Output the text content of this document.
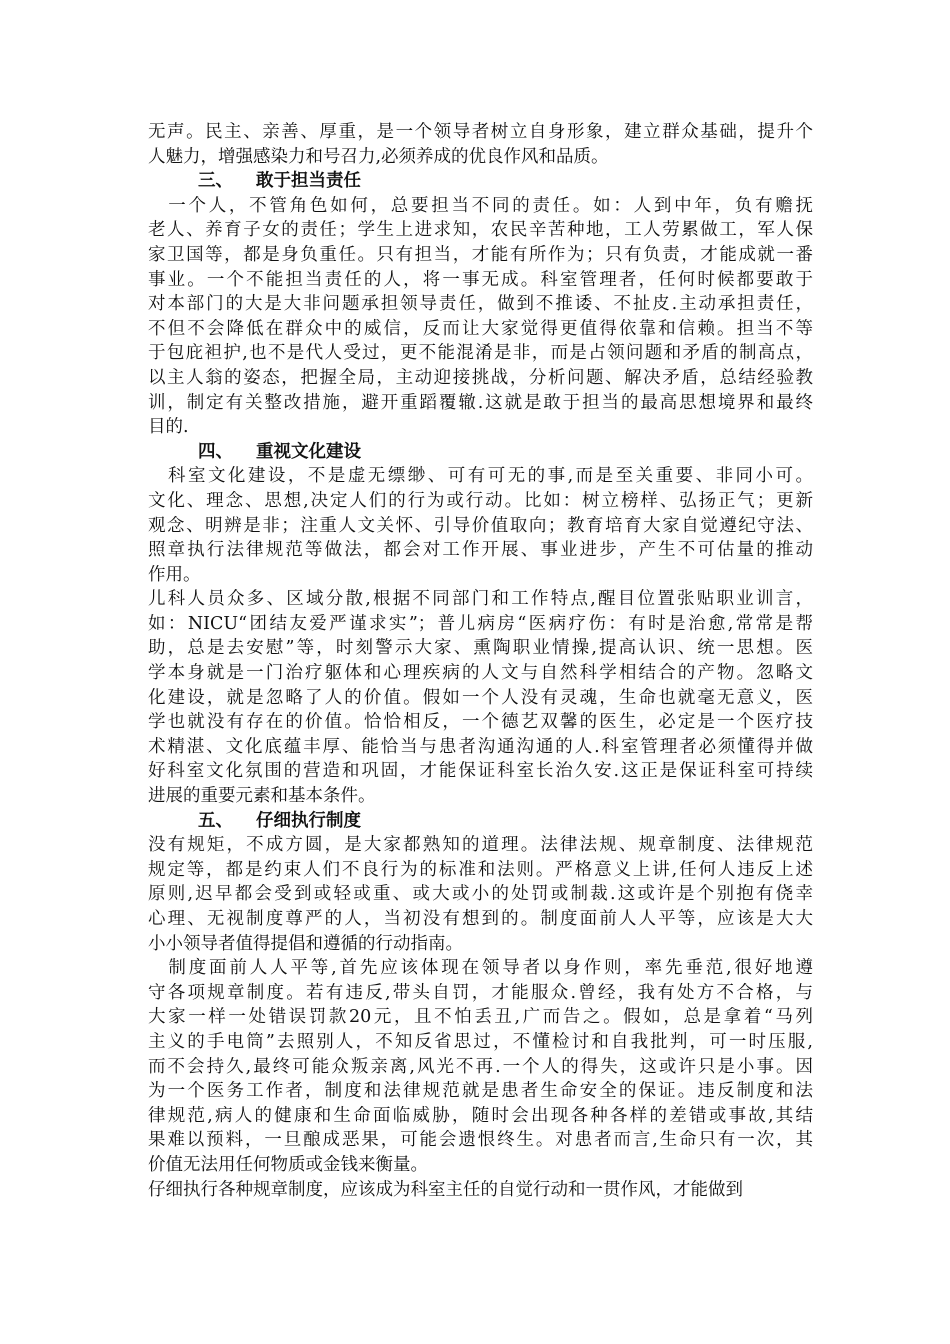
无声。民主、亲善、厚重，是一个领导者树立自身形象，建立群众基础，提升个
人魅力，增强感染力和号召力,必须养成的优良作风和品质。
三、 敢于担当责任
　一个人，不管角色如何，总要担当不同的责任。如：人到中年，负有赡抚
老人、养育子女的责任；学生上进求知，农民辛苦种地，工人劳累做工，军人保
家卫国等，都是身负重任。只有担当，才能有所作为；只有负责，才能成就一番
事业。一个不能担当责任的人，将一事无成。科室管理者，任何时候都要敢于
对本部门的大是大非问题承担领导责任，做到不推诿、不扯皮.主动承担责任，
不但不会降低在群众中的威信，反而让大家觉得更值得依靠和信赖。担当不等
于包庇袒护,也不是代人受过，更不能混淆是非，而是占领问题和矛盾的制高点，
以主人翁的姿态，把握全局，主动迎接挑战，分析问题、解决矛盾，总结经验教
训，制定有关整改措施，避开重蹈覆辙.这就是敢于担当的最高思想境界和最终
目的.
四、 重视文化建设
　科室文化建设，不是虚无缥缈、可有可无的事,而是至关重要、非同小可。
文化、理念、思想,决定人们的行为或行动。比如：树立榜样、弘扬正气；更新
观念、明辨是非；注重人文关怀、引导价值取向；教育培育大家自觉遵纪守法、
照章执行法律规范等做法，都会对工作开展、事业进步，产生不可估量的推动
作用。
儿科人员众多、区域分散,根据不同部门和工作特点,醒目位置张贴职业训言，
如：NICU“团结友爱严谨求实”；普儿病房“医病疗伤：有时是治愈,常常是帮
助，总是去安慰”等，时刻警示大家、熏陶职业情操,提高认识、统一思想。医
学本身就是一门治疗躯体和心理疾病的人文与自然科学相结合的产物。忽略文
化建设，就是忽略了人的价值。假如一个人没有灵魂，生命也就毫无意义，医
学也就没有存在的价值。恰恰相反，一个德艺双馨的医生，必定是一个医疗技
术精湛、文化底蕴丰厚、能恰当与患者沟通沟通的人.科室管理者必须懂得并做
好科室文化氛围的营造和巩固，才能保证科室长治久安.这正是保证科室可持续
进展的重要元素和基本条件。
五、 仔细执行制度
没有规矩，不成方圆，是大家都熟知的道理。法律法规、规章制度、法律规范
规定等，都是约束人们不良行为的标准和法则。严格意义上讲,任何人违反上述
原则,迟早都会受到或轻或重、或大或小的处罚或制裁.这或许是个别抱有侥幸
心理、无视制度尊严的人，当初没有想到的。制度面前人人平等，应该是大大
小小领导者值得提倡和遵循的行动指南。
　制度面前人人平等,首先应该体现在领导者以身作则，率先垂范,很好地遵
守各项规章制度。若有违反,带头自罚，才能服众.曾经，我有处方不合格，与
大家一样一处错误罚款20元，且不怕丢丑,广而告之。假如，总是拿着“马列
主义的手电筒”去照别人，不知反省思过，不懂检讨和自我批判，可一时压服,
而不会持久,最终可能众叛亲离,风光不再.一个人的得失，这或许只是小事。因
为一个医务工作者，制度和法律规范就是患者生命安全的保证。违反制度和法
律规范,病人的健康和生命面临威胁，随时会出现各种各样的差错或事故,其结
果难以预料，一旦酿成恶果，可能会遗恨终生。对患者而言,生命只有一次，其
价值无法用任何物质或金钱来衡量。
仔细执行各种规章制度，应该成为科室主任的自觉行动和一贯作风，才能做到
